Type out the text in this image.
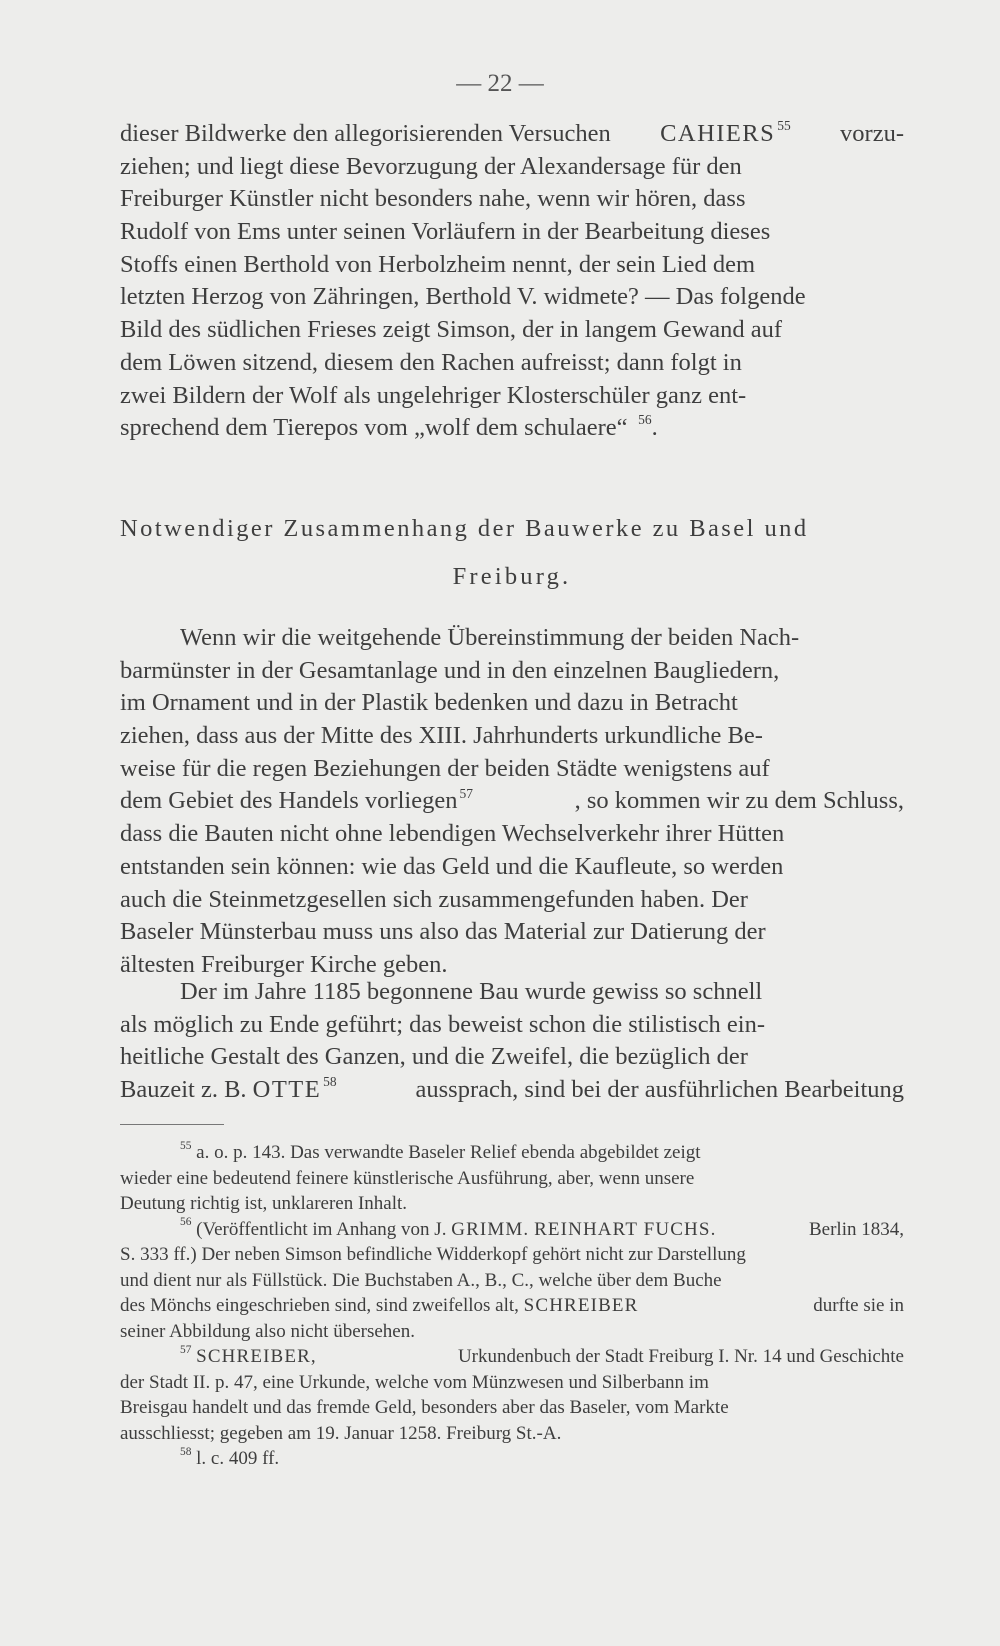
— 22 —
dieser Bildwerke den allegorisierenden Versuchen CAHIERS $^{55}$ vorzu-
ziehen; und liegt diese Bevorzugung der Alexandersage für den
Freiburger Künstler nicht besonders nahe, wenn wir hören, dass
Rudolf von Ems unter seinen Vorläufern in der Bearbeitung dieses
Stoffs einen Berthold von Herbolzheim nennt, der sein Lied dem
letzten Herzog von Zähringen, Berthold V. widmete? — Das folgende
Bild des südlichen Frieses zeigt Simson, der in langem Gewand auf
dem Löwen sitzend, diesem den Rachen aufreisst; dann folgt in
zwei Bildern der Wolf als ungelehriger Klosterschüler ganz ent-
sprechend dem Tierepos vom „wolf dem schulaere“ $^{56}$.
Notwendiger Zusammenhang der Bauwerke zu Basel und
Freiburg.
Wenn wir die weitgehende Übereinstimmung der beiden Nach-
barmünster in der Gesamtanlage und in den einzelnen Baugliedern,
im Ornament und in der Plastik bedenken und dazu in Betracht
ziehen, dass aus der Mitte des XIII. Jahrhunderts urkundliche Be-
weise für die regen Beziehungen der beiden Städte wenigstens auf
dem Gebiet des Handels vorliegen $^{57}$	, so kommen wir zu dem Schluss,
dass die Bauten nicht ohne lebendigen Wechselverkehr ihrer Hütten
entstanden sein können: wie das Geld und die Kaufleute, so werden
auch die Steinmetzgesellen sich zusammengefunden haben. Der
Baseler Münsterbau muss uns also das Material zur Datierung der
ältesten Freiburger Kirche geben.
Der im Jahre 1185 begonnene Bau wurde gewiss so schnell
als möglich zu Ende geführt; das beweist schon die stilistisch ein-
heitliche Gestalt des Ganzen, und die Zweifel, die bezüglich der
Bauzeit z. B. OTTE $^{58}$	aussprach, sind bei der ausführlichen Bearbeitung
$^{55}$ a. o. p. 143. Das verwandte Baseler Relief ebenda abgebildet zeigt
wieder eine bedeutend feinere künstlerische Ausführung, aber, wenn unsere
Deutung richtig ist, unklareren Inhalt.
$^{56}$ (Veröffentlicht im Anhang von J. GRIMM. REINHART FUCHS.	Berlin 1834,
S. 333 ff.) Der neben Simson befindliche Widderkopf gehört nicht zur Darstellung
und dient nur als Füllstück. Die Buchstaben A., B., C., welche über dem Buche
des Mönchs eingeschrieben sind, sind zweifellos alt, SCHREIBER	durfte sie in
seiner Abbildung also nicht übersehen.
$^{57}$ SCHREIBER,	Urkundenbuch der Stadt Freiburg I. Nr. 14 und Geschichte
der Stadt II. p. 47, eine Urkunde, welche vom Münzwesen und Silberbann im
Breisgau handelt und das fremde Geld, besonders aber das Baseler, vom Markte
ausschliesst; gegeben am 19. Januar 1258. Freiburg St.-A.
$^{58}$ l. c. 409 ff.
